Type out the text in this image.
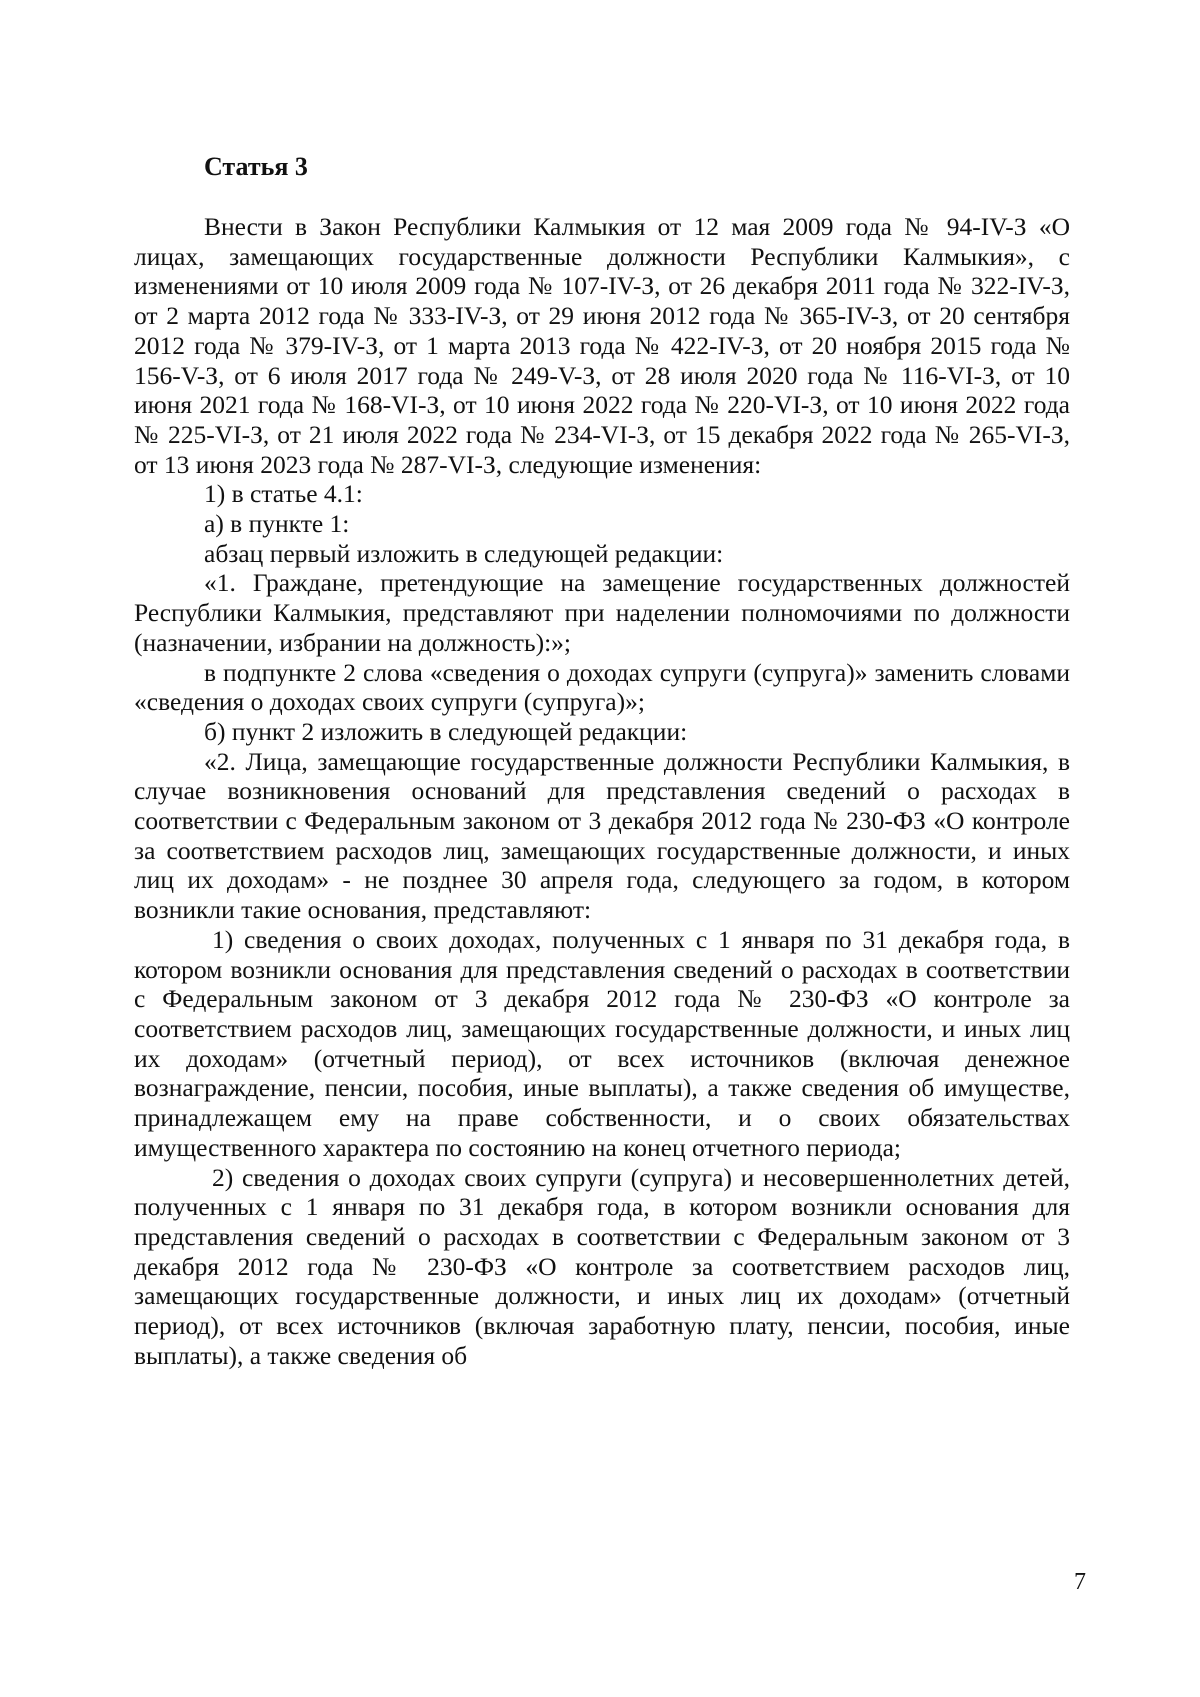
Статья 3

Внести в Закон Республики Калмыкия от 12 мая 2009 года № 94-IV-З «О лицах, замещающих государственные должности Республики Калмыкия», с изменениями от 10 июля 2009 года № 107-IV-З, от 26 декабря 2011 года № 322-IV-З, от 2 марта 2012 года № 333-IV-З, от 29 июня 2012 года № 365-IV-З, от 20 сентября 2012 года № 379-IV-З, от 1 марта 2013 года № 422-IV-З, от 20 ноября 2015 года № 156-V-З, от 6 июля 2017 года № 249-V-З, от 28 июля 2020 года № 116-VI-З, от 10 июня 2021 года № 168-VI-З, от 10 июня 2022 года № 220-VI-З, от 10 июня 2022 года № 225-VI-З, от 21 июля 2022 года № 234-VI-З, от 15 декабря 2022 года № 265-VI-З, от 13 июня 2023 года № 287-VI-З, следующие изменения:

1) в статье 4.1:

а) в пункте 1:

абзац первый изложить в следующей редакции:

«1. Граждане, претендующие на замещение государственных должностей Республики Калмыкия, представляют при наделении полномочиями по должности (назначении, избрании на должность):»;

в подпункте 2 слова «сведения о доходах супруги (супруга)» заменить словами «сведения о доходах своих супруги (супруга)»;

б) пункт 2 изложить в следующей редакции:

«2. Лица, замещающие государственные должности Республики Калмыкия, в случае возникновения оснований для представления сведений о расходах в соответствии с Федеральным законом от 3 декабря 2012 года № 230-ФЗ «О контроле за соответствием расходов лиц, замещающих государственные должности, и иных лиц их доходам» - не позднее 30 апреля года, следующего за годом, в котором возникли такие основания, представляют:

1) сведения о своих доходах, полученных с 1 января по 31 декабря года, в котором возникли основания для представления сведений о расходах в соответствии с Федеральным законом от 3 декабря 2012 года № 230-ФЗ «О контроле за соответствием расходов лиц, замещающих государственные должности, и иных лиц их доходам» (отчетный период), от всех источников (включая денежное вознаграждение, пенсии, пособия, иные выплаты), а также сведения об имуществе, принадлежащем ему на праве собственности, и о своих обязательствах имущественного характера по состоянию на конец отчетного периода;

2) сведения о доходах своих супруги (супруга) и несовершеннолетних детей, полученных с 1 января по 31 декабря года, в котором возникли основания для представления сведений о расходах в соответствии с Федеральным законом от 3 декабря 2012 года № 230-ФЗ «О контроле за соответствием расходов лиц, замещающих государственные должности, и иных лиц их доходам» (отчетный период), от всех источников (включая заработную плату, пенсии, пособия, иные выплаты), а также сведения об

7
